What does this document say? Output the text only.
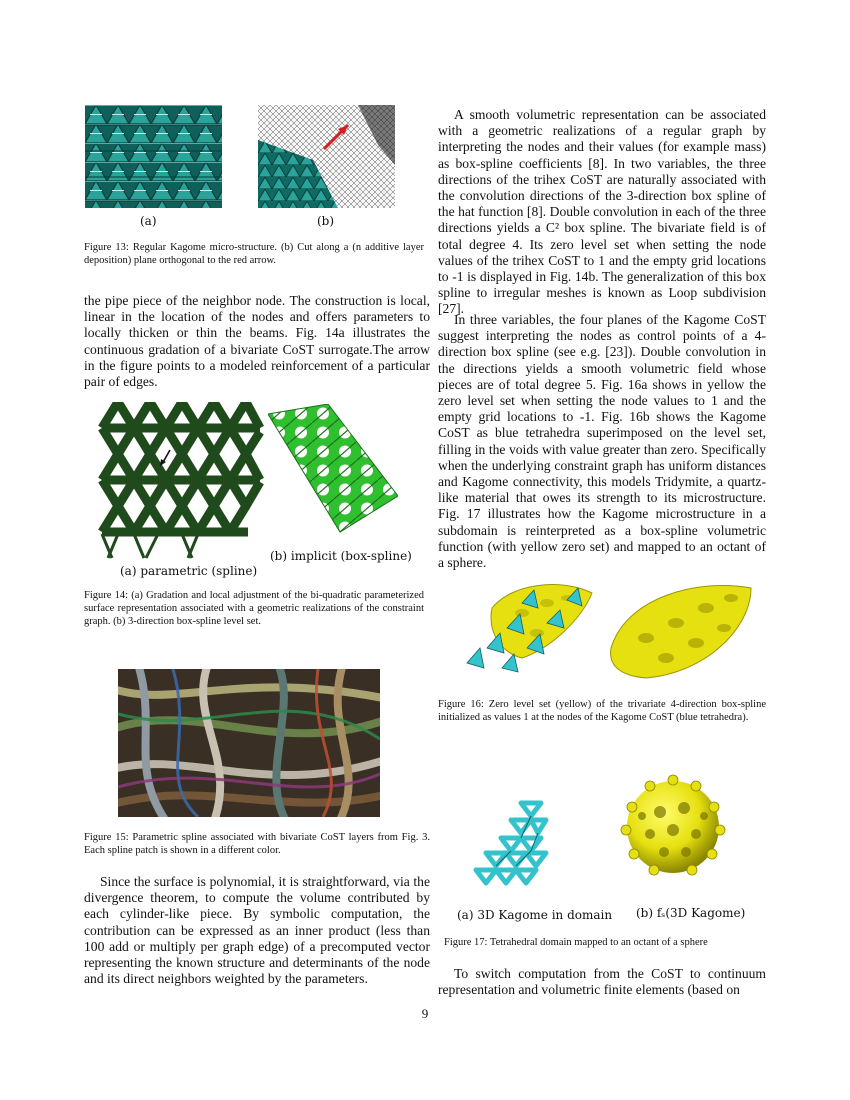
(a)	(b)
Figure 13: Regular Kagome micro-structure. (b) Cut along a (n additive layer deposition) plane orthogonal to the red arrow.
the pipe piece of the neighbor node. The construction is local, linear in the location of the nodes and offers parameters to locally thicken or thin the beams. Fig. 14a illustrates the continuous gradation of a bivariate CoST surrogate.The arrow in the figure points to a modeled reinforcement of a particular pair of edges.
(a) parametric (spline)
(b) implicit (box-spline)
Figure 14: (a) Gradation and local adjustment of the bi-quadratic parameterized surface representation associated with a geometric realizations of the constraint graph. (b) 3-direction box-spline level set.
Figure 15: Parametric spline associated with bivariate CoST layers from Fig. 3. Each spline patch is shown in a different color.
Since the surface is polynomial, it is straightforward, via the divergence theorem, to compute the volume contributed by each cylinder-like piece. By symbolic computation, the contribution can be expressed as an inner product (less than 100 add or multiply per graph edge) of a precomputed vector representing the known structure and determinants of the node and its direct neighbors weighted by the parameters.
A smooth volumetric representation can be associated with a geometric realizations of a regular graph by interpreting the nodes and their values (for example mass) as box-spline coefficients [8]. In two variables, the three directions of the trihex CoST are naturally associated with the convolution directions of the 3-direction box spline of the hat function [8]. Double convolution in each of the three directions yields a C² box spline. The bivariate field is of total degree 4. Its zero level set when setting the node values of the trihex CoST to 1 and the empty grid locations to -1 is displayed in Fig. 14b. The generalization of this box spline to irregular meshes is known as Loop subdivision [27].
In three variables, the four planes of the Kagome CoST suggest interpreting the nodes as control points of a 4-direction box spline (see e.g. [23]). Double convolution in the directions yields a smooth volumetric field whose pieces are of total degree 5. Fig. 16a shows in yellow the zero level set when setting the node values to 1 and the empty grid locations to -1. Fig. 16b shows the Kagome CoST as blue tetrahedra superimposed on the level set, filling in the voids with value greater than zero. Specifically when the underlying constraint graph has uniform distances and Kagome connectivity, this models Tridymite, a quartz-like material that owes its strength to its microstructure. Fig. 17 illustrates how the Kagome microstructure in a subdomain is reinterpreted as a box-spline volumetric function (with yellow zero set) and mapped to an octant of a sphere.
Figure 16: Zero level set (yellow) of the trivariate 4-direction box-spline initialized as values 1 at the nodes of the Kagome CoST (blue tetrahedra).
(a) 3D Kagome in domain (b) fₛ(3D Kagome)
Figure 17: Tetrahedral domain mapped to an octant of a sphere
To switch computation from the CoST to continuum representation and volumetric finite elements (based on
9
